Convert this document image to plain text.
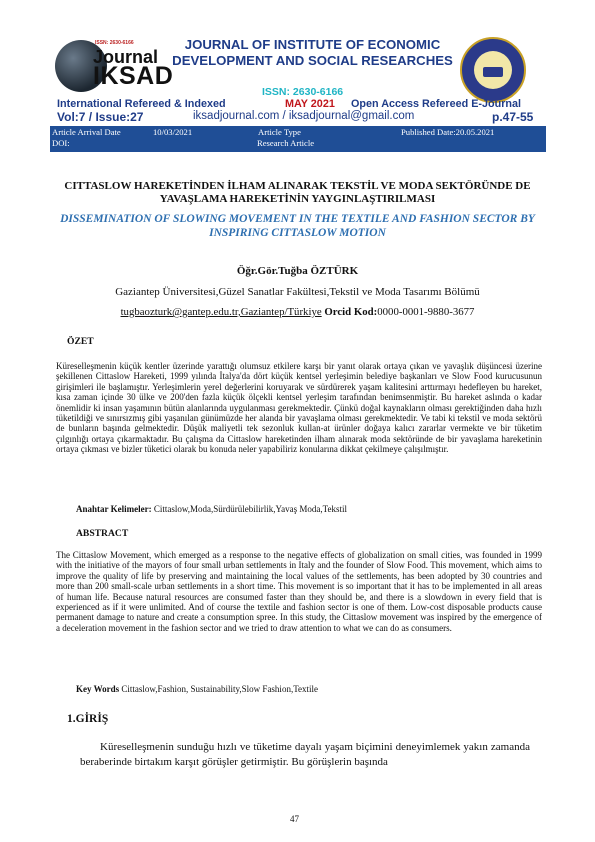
ISSN: 2630-6166
Journal
IKSAD
JOURNAL OF INSTITUTE OF ECONOMIC DEVELOPMENT AND SOCIAL RESEARCHES
ISSN: 2630-6166
International Refereed & Indexed	MAY 2021 Open Access Refereed E-Journal
Vol:7 / Issue:27	iksadjournal.com / iksadjournal@gmail.com	p.47-55
Article Arrival Date	10/03/2021	Article Type
Research Article
Published Date:20.05.2021
DOI:
CITTASLOW HAREKETİNDEN İLHAM ALINARAK TEKSTİL VE MODA SEKTÖRÜNDE DE YAVAŞLAMA HAREKETİNİN YAYGINLAŞTIRILMASI
DISSEMINATION OF SLOWING MOVEMENT IN THE TEXTILE AND FASHION SECTOR BY INSPIRING CITTASLOW MOTION
Öğr.Gör.Tuğba ÖZTÜRK
Gaziantep Üniversitesi,Güzel Sanatlar Fakültesi,Tekstil ve Moda Tasarımı Bölümü
tugbaozturk@gantep.edu.tr,Gaziantep/Türkiye Orcid Kod:0000-0001-9880-3677
ÖZET
Küreselleşmenin küçük kentler üzerinde yarattığı olumsuz etkilere karşı bir yanıt olarak ortaya çıkan ve yavaşlık düşüncesi üzerine şekillenen Cittaslow Hareketi, 1999 yılında İtalya'da dört küçük kentsel yerleşimin belediye başkanları ve Slow Food kurucusunun girişimleri ile başlamıştır. Yerleşimlerin yerel değerlerini koruyarak ve sürdürerek yaşam kalitesini arttırmayı hedefleyen bu hareket, kısa zaman içinde 30 ülke ve 200'den fazla küçük ölçekli kentsel yerleşim tarafından benimsenmiştir. Bu hareket aslında o kadar önemlidir ki insan yaşamının bütün alanlarında uygulanması gerekmektedir. Çünkü doğal kaynakların olması gerektiğinden daha hızlı tüketildiği ve sınırsızmış gibi yaşanılan günümüzde her alanda bir yavaşlama olması gerekmektedir. Ve tabi ki tekstil ve moda sektörü de bunların başında gelmektedir. Düşük maliyetli tek sezonluk kullan-at ürünler doğaya kalıcı zararlar vermekte ve bir tüketim çılgınlığı ortaya çıkarmaktadır. Bu çalışma da Cittaslow hareketinden ilham alınarak moda sektöründe de bir yavaşlama hareketinin ortaya çıkması ve bizler tüketici olarak bu konuda neler yapabiliriz konularına dikkat çekilmeye çalışılmıştır.
Anahtar Kelimeler: Cittaslow,Moda,Sürdürülebilirlik,Yavaş Moda,Tekstil
ABSTRACT
The Cittaslow Movement, which emerged as a response to the negative effects of globalization on small cities, was founded in 1999 with the initiative of the mayors of four small urban settlements in Italy and the founder of Slow Food. This movement, which aims to improve the quality of life by preserving and maintaining the local values of the settlements, has been adopted by 30 countries and more than 200 small-scale urban settlements in a short time. This movement is so important that it has to be implemented in all areas of human life. Because natural resources are consumed faster than they should be, and there is a slowdown in every field that is experienced as if it were unlimited. And of course the textile and fashion sector is one of them. Low-cost disposable products cause permanent damage to nature and create a consumption spree. In this study, the Cittaslow movement was inspired by the emergence of a deceleration movement in the fashion sector and we tried to draw attention to what we can do as consumers.
Key Words Cittaslow,Fashion, Sustainability,Slow Fashion,Textile
1.GİRİŞ
Küreselleşmenin sunduğu hızlı ve tüketime dayalı yaşam biçimini deneyimlemek yakın zamanda beraberinde birtakım karşıt görüşler getirmiştir. Bu görüşlerin başında
47
